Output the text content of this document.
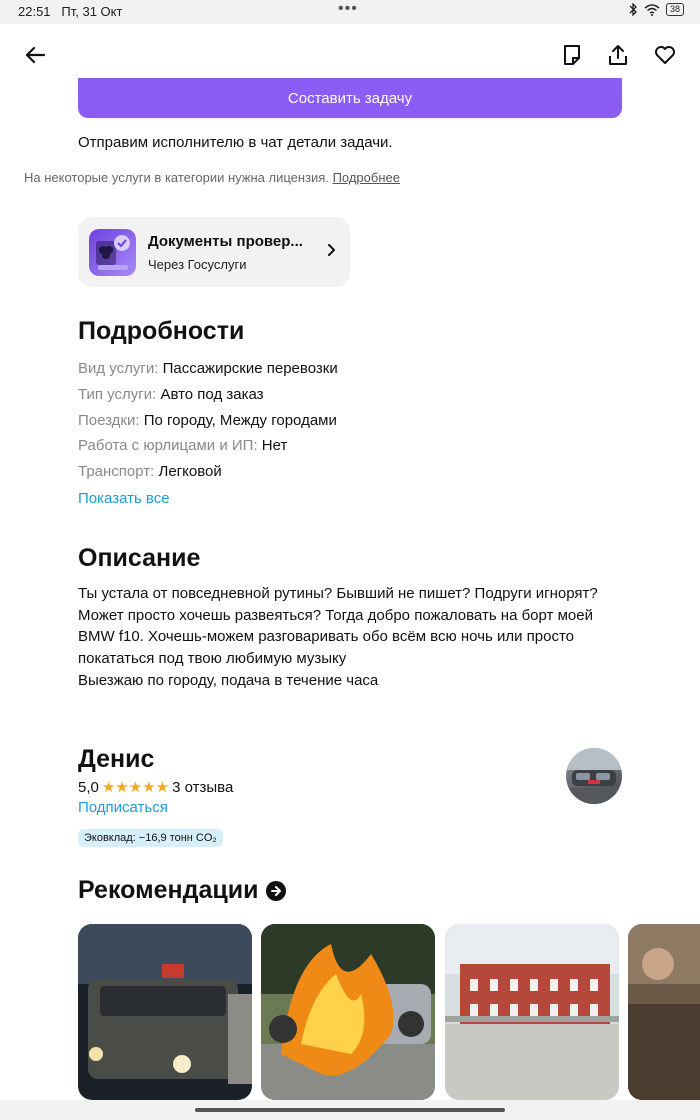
22:51 Пт, 31 Окт	•••	38
Составить задачу
Отправим исполнителю в чат детали задачи.
На некоторые услуги в категории нужна лицензия. Подробнее
Документы провер...
Через Госуслуги
Подробности
Вид услуги: Пассажирские перевозки
Тип услуги: Авто под заказ
Поездки: По городу, Между городами
Работа с юрлицами и ИП: Нет
Транспорт: Легковой
Показать все
Описание
Ты устала от повседневной рутины? Бывший не пишет? Подруги игнорят?
Может просто хочешь развеяться? Тогда добро пожаловать на борт моей
BMW f10. Хочешь-можем разговаривать обо всём всю ночь или просто
покататься под твою любимую музыку
Выезжаю по городу, подача в течение часа
Денис
5,0 ★★★★★ 3 отзыва
Подписаться
Эковклад: −16,9 тонн CO₂
Рекомендации
